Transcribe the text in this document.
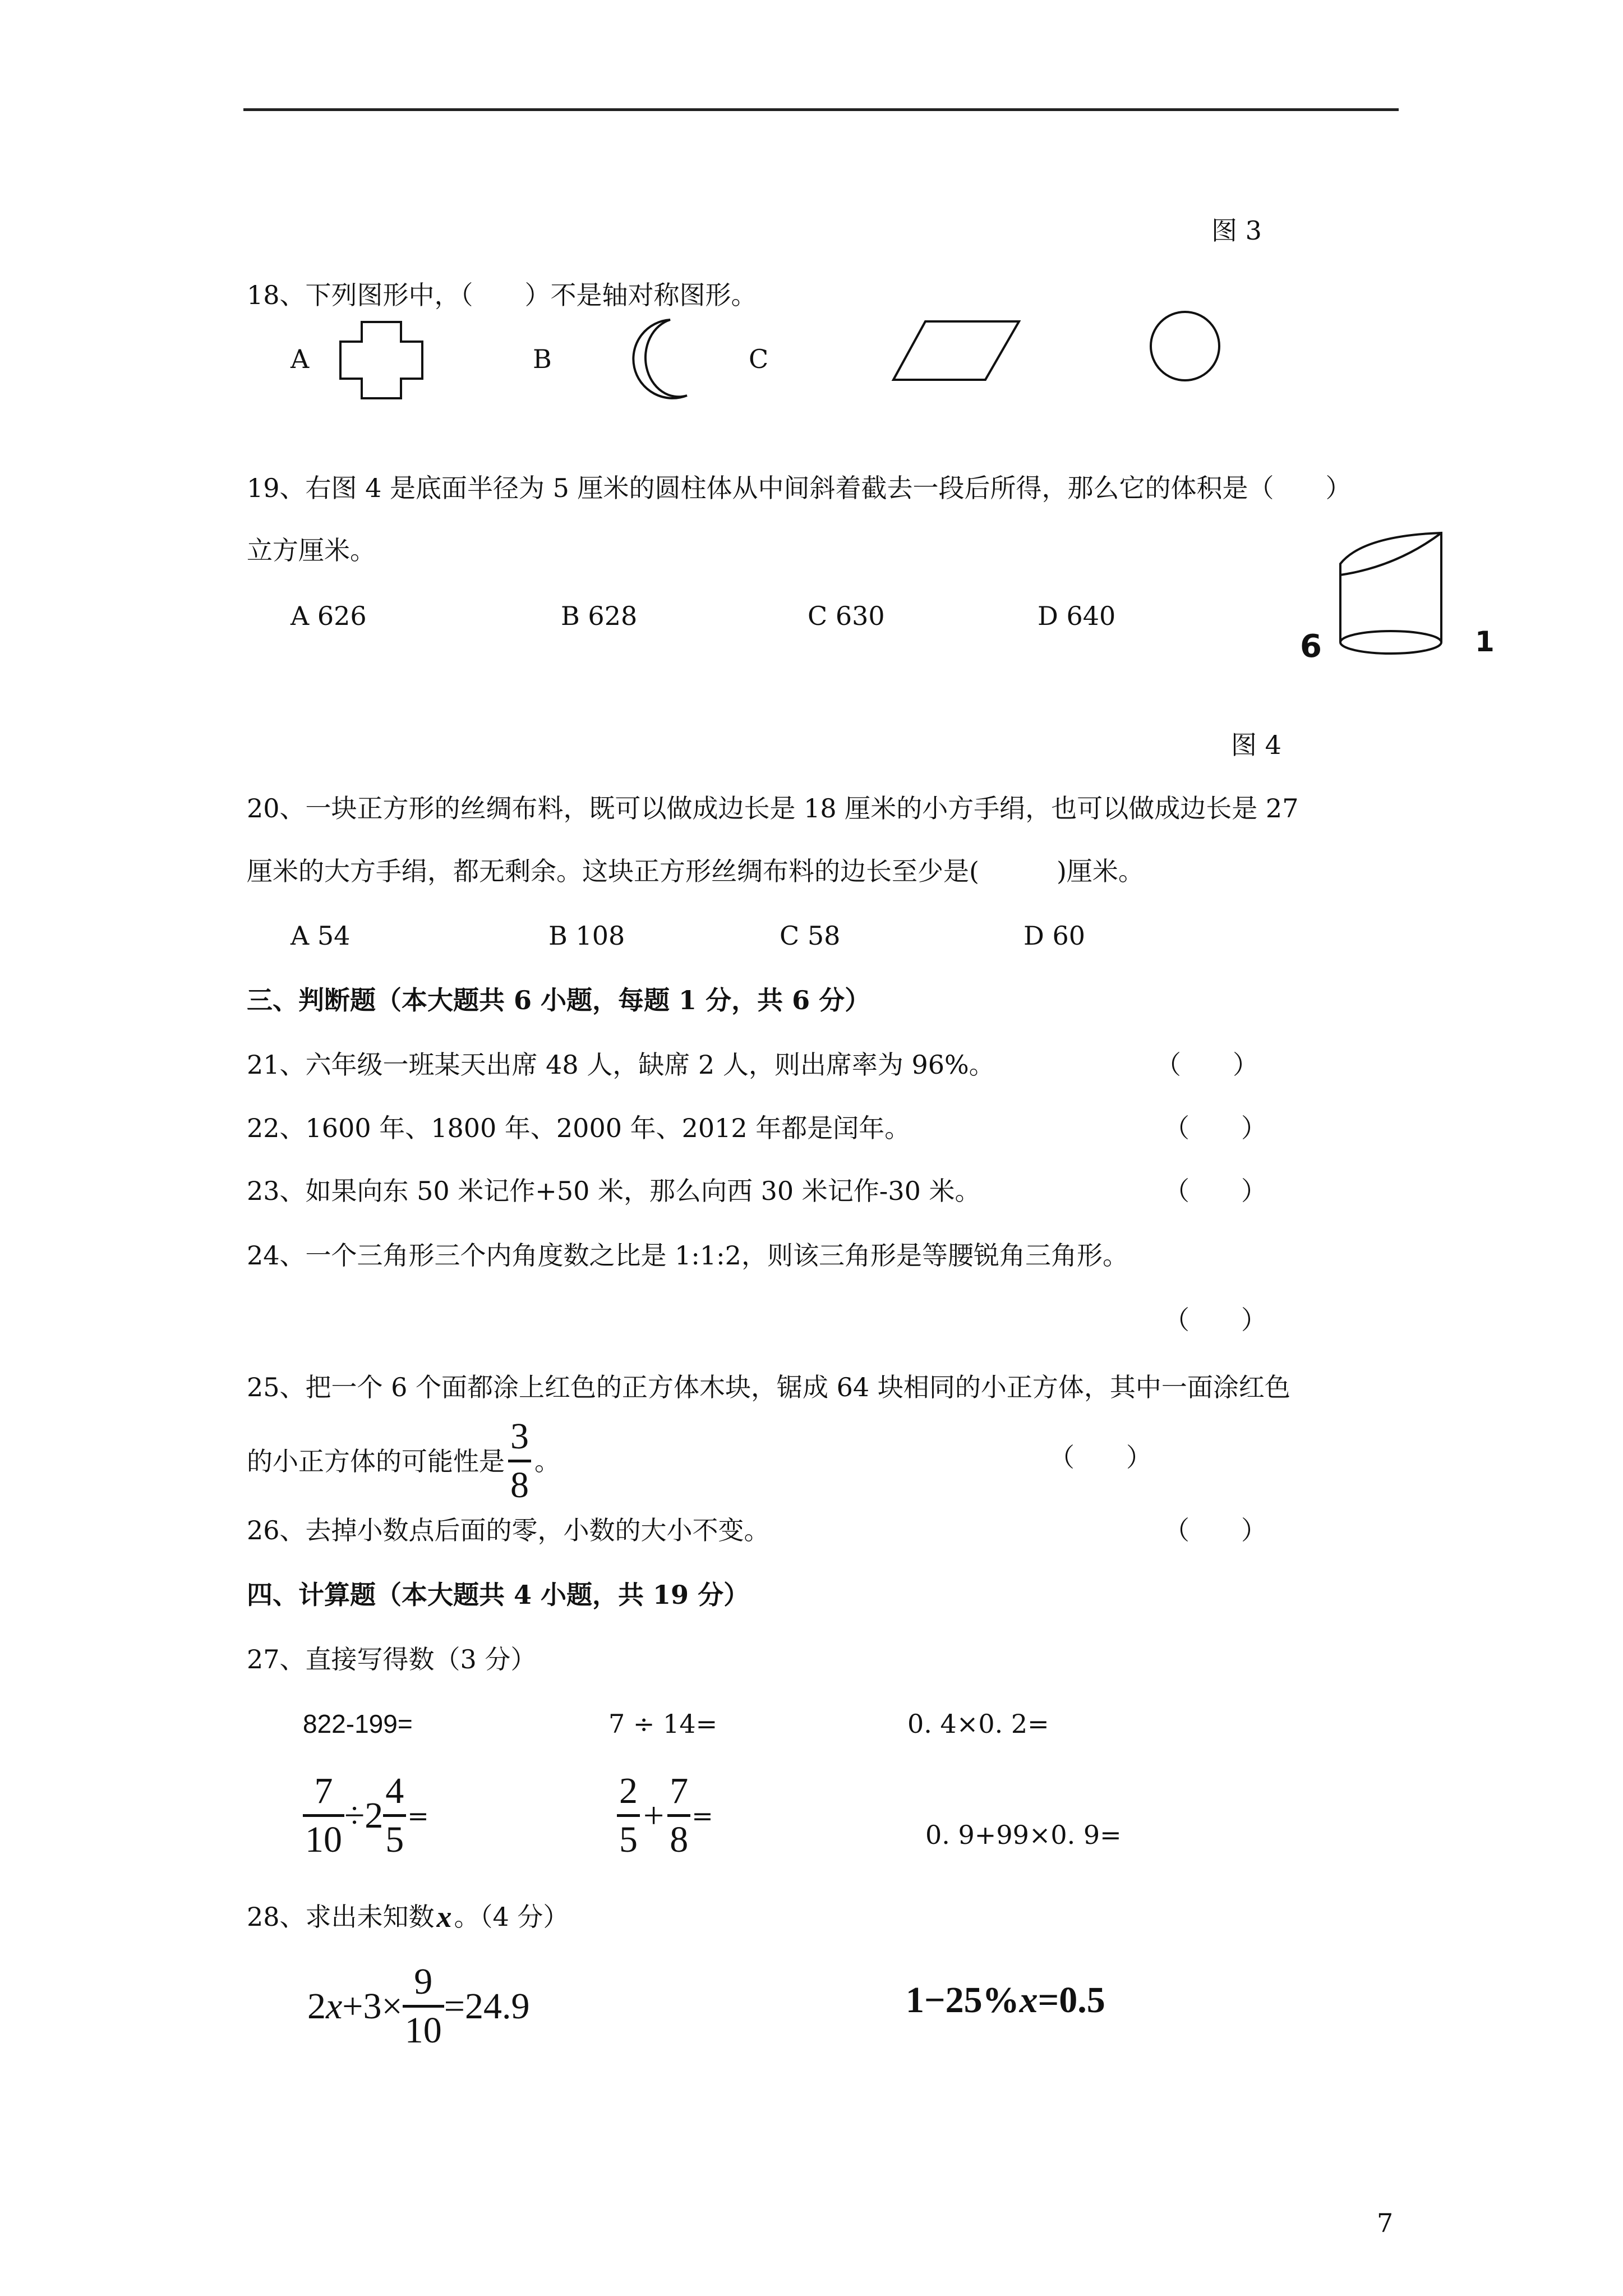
图 3
18、下列图形中，（　　）不是轴对称图形。
A	B	C
19、右图 4 是底面半径为 5 厘米的圆柱体从中间斜着截去一段后所得，那么它的体积是（　　）
立方厘米。
A 626	B 628	C 630	D 640
6	1
图 4
20、一块正方形的丝绸布料，既可以做成边长是 18 厘米的小方手绢，也可以做成边长是 27
厘米的大方手绢，都无剩余。这块正方形丝绸布料的边长至少是(　　　)厘米。
A 54	B 108	C 58	D 60
三、判断题（本大题共 6 小题，每题 1 分，共 6 分）
21、六年级一班某天出席 48 人，缺席 2 人，则出席率为 96%。	（　　）
22、1600 年、1800 年、2000 年、2012 年都是闰年。	（　　）
23、如果向东 50 米记作+50 米，那么向西 30 米记作-30 米。	（　　）
24、一个三角形三个内角度数之比是 1:1:2，则该三角形是等腰锐角三角形。
（　　）
25、把一个 6 个面都涂上红色的正方体木块，锯成 64 块相同的小正方体，其中一面涂红色
的小正方体的可能性是
3
8
。	（　　）
26、去掉小数点后面的零，小数的大小不变。	（　　）
四、计算题（本大题共 4 小题，共 19 分）
27、直接写得数（3 分）
822-199=	7 ÷ 14=	0. 4×0. 2=
7
10
÷ 2
4
5
=
2
5
+
7
8
=
0. 9+99×0. 9=
28、求出未知数 x 。（4 分）
2 x +3×
9
10
=24.9	1−25% x =0.5
7
